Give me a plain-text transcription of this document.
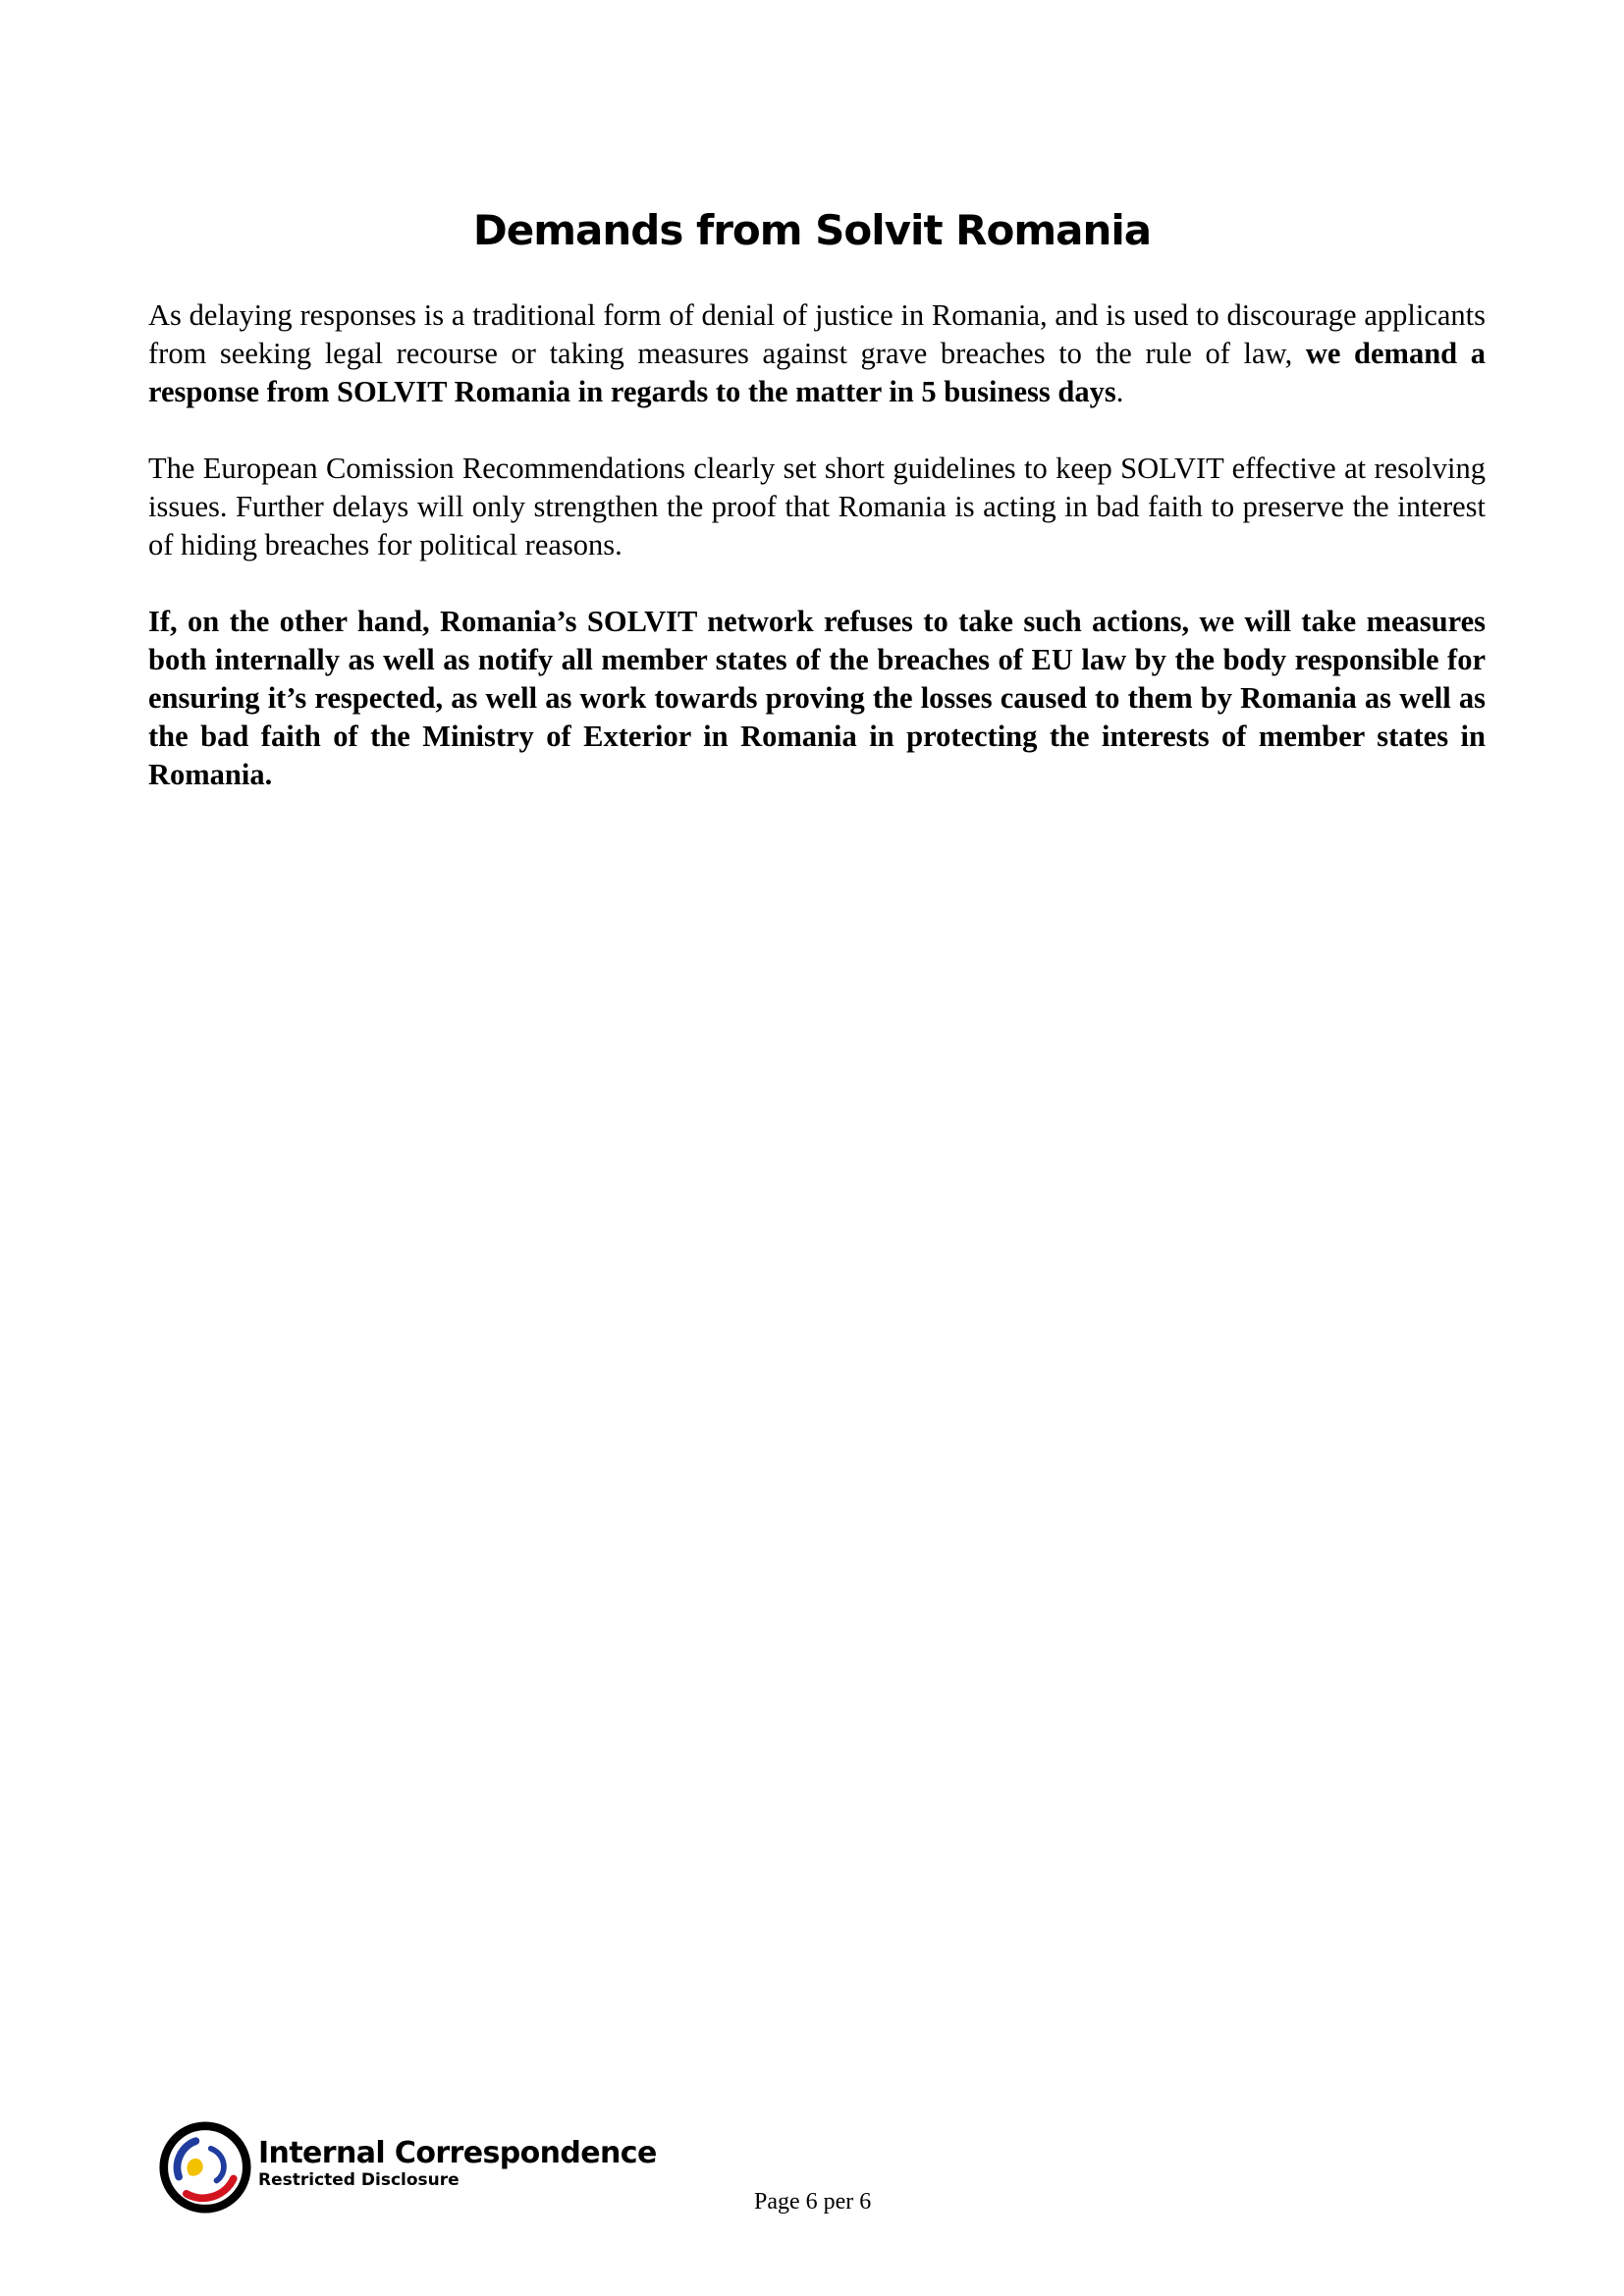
Demands from Solvit Romania

As delaying responses is a traditional form of denial of justice in Romania, and is used to discourage applicants from seeking legal recourse or taking measures against grave breaches to the rule of law, we demand a response from SOLVIT Romania in regards to the matter in 5 business days.

The European Comission Recommendations clearly set short guidelines to keep SOLVIT effective at resolving issues. Further delays will only strengthen the proof that Romania is acting in bad faith to preserve the interest of hiding breaches for political reasons.

If, on the other hand, Romania’s SOLVIT network refuses to take such actions, we will take measures both internally as well as notify all member states of the breaches of EU law by the body responsible for ensuring it’s respected, as well as work towards proving the losses caused to them by Romania as well as the bad faith of the Ministry of Exterior in Romania in protecting the interests of member states in Romania.

Internal Correspondence
Restricted Disclosure
Page 6 per 6
